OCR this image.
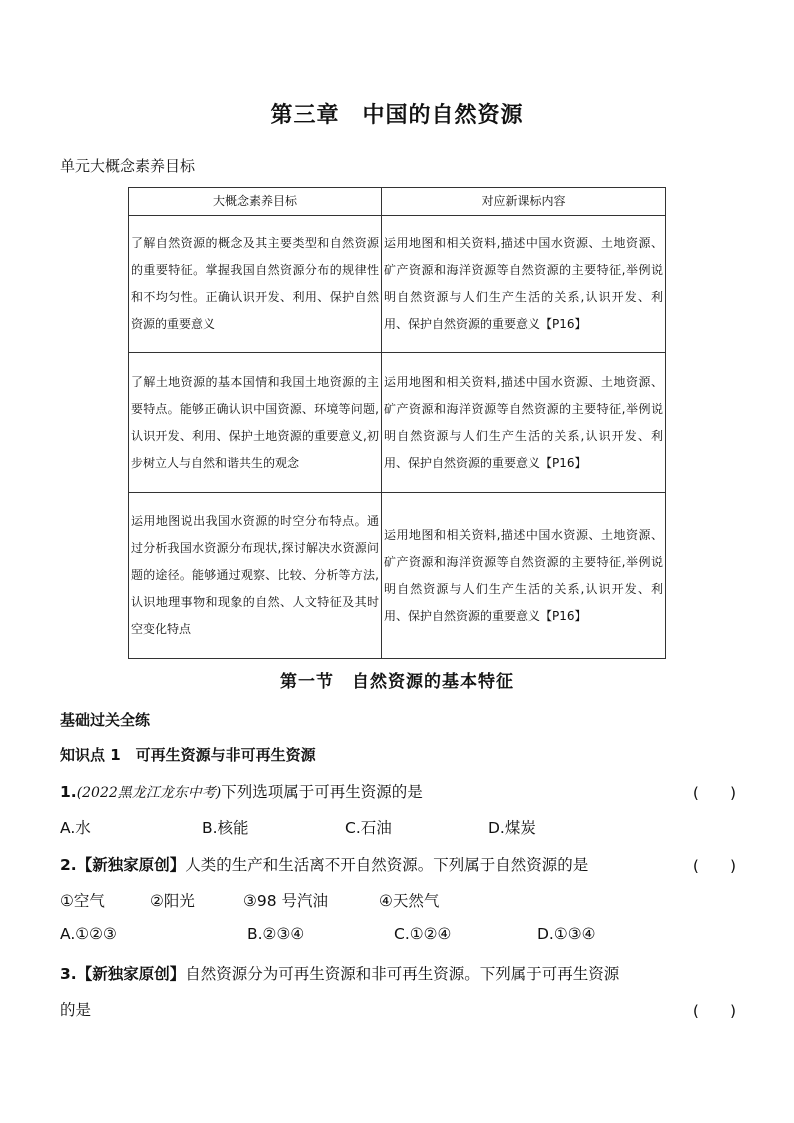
第三章　中国的自然资源
单元大概念素养目标
大概念素养目标	对应新课标内容
了解自然资源的概念及其主要类型和自然资源的重要特征。掌握我国自然资源分布的规律性和不均匀性。正确认识开发、利用、保护自然资源的重要意义	运用地图和相关资料,描述中国水资源、土地资源、矿产资源和海洋资源等自然资源的主要特征,举例说明自然资源与人们生产生活的关系,认识开发、利用、保护自然资源的重要意义【P16】
了解土地资源的基本国情和我国土地资源的主要特点。能够正确认识中国资源、环境等问题,认识开发、利用、保护土地资源的重要意义,初步树立人与自然和谐共生的观念	运用地图和相关资料,描述中国水资源、土地资源、矿产资源和海洋资源等自然资源的主要特征,举例说明自然资源与人们生产生活的关系,认识开发、利用、保护自然资源的重要意义【P16】
运用地图说出我国水资源的时空分布特点。通过分析我国水资源分布现状,探讨解决水资源问题的途径。能够通过观察、比较、分析等方法,认识地理事物和现象的自然、人文特征及其时空变化特点	运用地图和相关资料,描述中国水资源、土地资源、矿产资源和海洋资源等自然资源的主要特征,举例说明自然资源与人们生产生活的关系,认识开发、利用、保护自然资源的重要意义【P16】
第一节　自然资源的基本特征
基础过关全练
知识点 1　可再生资源与非可再生资源
1.(2022黑龙江龙东中考)下列选项属于可再生资源的是	(　　)
A.水	B.核能	C.石油	D.煤炭
2.【新独家原创】人类的生产和生活离不开自然资源。下列属于自然资源的是	(　　)
①空气	②阳光	③98 号汽油	④天然气
A.①②③	B.②③④	C.①②④	D.①③④
3.【新独家原创】自然资源分为可再生资源和非可再生资源。下列属于可再生资源
的是	(　　)
